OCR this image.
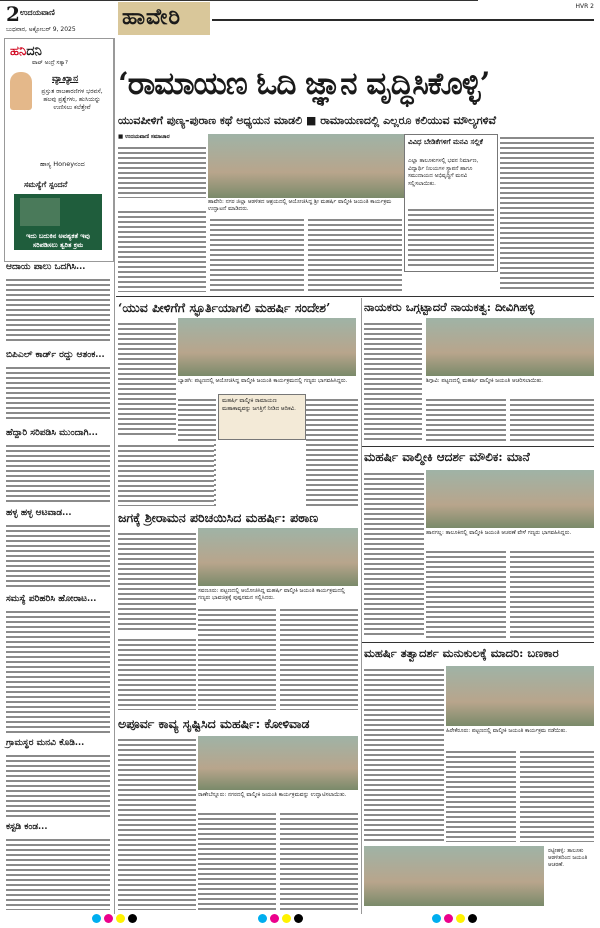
2 ಉದಯವಾಣಿ
ಬುಧವಾರ, ಅಕ್ಟೋಬರ್ 9, 2025 ಹಾವೇರಿ	HVR 2
ಹನಿದನಿ
ವಾಟ್ ಅಂದ್ರೆ ಸತ್ಯಾ?
ವ್ಯಾಖ್ಯಾನ
ಪ್ರಸ್ತುತ ರಾಜಕಾರಣಿಗಳ ಭರವಸೆ, ಹಲವು ಪ್ರಶ್ನೆಗಳು, ಹುಸಿಯನ್ನು ಉಣಿಸಲು ಕಲೆತ್ತೇವೆ
ಹಾಸ್ಯ Honeyನಂದ
ಸಮಸ್ಯೆಗೆ ಸ್ಪಂದನೆ
ಇದು ಬದುಕಿನ ಅವಶ್ಯಕತೆ ಇವು ಸರಿಪಡಿಸಲು ತ್ವರಿತ ಕ್ರಮ
ಆದಾಯ ಪಾಲು ಒದಗಿಸಿ...
ಬಿಪಿಎಲ್ ಕಾರ್ಡ್ ರದ್ದು ಆತಂಕ...
ಹೆದ್ದಾರಿ ಸರಿಪಡಿಸಿ ಮುಂದಾಗಿ...
ಹಳ್ಳ ಹಳ್ಳ ಆಟವಾಡ...
ಸಮಸ್ಯೆ ಪರಿಹರಿಸಿ ಹೋರಾಟ...
ಗ್ರಾಮಸ್ಥರ ಮನವಿ ಕೊಡಿ...
ಕಸ್ಟಡಿ ಕಂಡ...
‘ರಾಮಾಯಣ ಓದಿ ಜ್ಞಾನ ವೃದ್ಧಿಸಿಕೊಳ್ಳಿ’
ಯುವಪೀಳಿಗೆ ಪುಣ್ಯ-ಪುರಾಣ ಕಥೆ ಅಧ್ಯಯನ ಮಾಡಲಿ ■ ರಾಮಾಯಣದಲ್ಲಿ ಎಲ್ಲರೂ ಕಲಿಯುವ ಮೌಲ್ಯಗಳಿವೆ
■ ಉದಯವಾಣಿ ಸಮಾಚಾರ
ಹಾವೇರಿ: ನಗರ ಜಿಲ್ಲಾ ಆಡಳಿತದ ಆಶ್ರಯದಲ್ಲಿ ಆಯೋಜಿಸಿದ್ದ ಶ್ರೀ ಮಹರ್ಷಿ ವಾಲ್ಮೀಕಿ ಜಯಂತಿ ಕಾರ್ಯಕ್ರಮ ಉದ್ಘಾಟನೆ ಮಾಡಿದರು.
ವಿವಿಧ ಬೇಡಿಕೆಗಳಿಗೆ ಮನವಿ ಸಲ್ಲಿಕೆ
ಎಲ್ಲಾ ತಾಲೂಕುಗಳಲ್ಲಿ ಭವನ ನಿರ್ಮಾಣ, ವಿದ್ಯಾರ್ಥಿ ನಿಲಯಗಳ ಸ್ಥಾಪನೆ ಹಾಗೂ ಸಮುದಾಯದ ಅಭಿವೃದ್ಧಿಗೆ ಮನವಿ ಸಲ್ಲಿಸಲಾಯಿತು.
‘ಯುವ ಪೀಳಿಗೆಗೆ ಸ್ಫೂರ್ತಿಯಾಗಲಿ ಮಹರ್ಷಿ ಸಂದೇಶ’
ಬ್ಯಾಡಗಿ: ಪಟ್ಟಣದಲ್ಲಿ ಆಯೋಜಿಸಿದ್ದ ವಾಲ್ಮೀಕಿ ಜಯಂತಿ ಕಾರ್ಯಕ್ರಮದಲ್ಲಿ ಗಣ್ಯರು ಭಾಗವಹಿಸಿದ್ದರು.
ಮಹರ್ಷಿ ವಾಲ್ಮೀಕಿ ರಾಮಾಯಣ ಮಹಾಕಾವ್ಯವನ್ನು ಜಗತ್ತಿಗೆ ನೀಡಿದ ಆದಿಕವಿ.
ಜಗಕ್ಕೆ ಶ್ರೀರಾಮನ ಪರಿಚಯಿಸಿದ ಮಹರ್ಷಿ: ಪಠಾಣ
ಸವಣೂರು: ಪಟ್ಟಣದಲ್ಲಿ ಆಯೋಜಿಸಿದ್ದ ಮಹರ್ಷಿ ವಾಲ್ಮೀಕಿ ಜಯಂತಿ ಕಾರ್ಯಕ್ರಮದಲ್ಲಿ ಗಣ್ಯರು ಭಾವಚಿತ್ರಕ್ಕೆ ಪುಷ್ಪನಮನ ಸಲ್ಲಿಸಿದರು.
ಅಪೂರ್ವ ಕಾವ್ಯ ಸೃಷ್ಟಿಸಿದ ಮಹರ್ಷಿ: ಕೋಳಿವಾಡ
ರಾಣೇಬೆನ್ನೂರು: ನಗರದಲ್ಲಿ ವಾಲ್ಮೀಕಿ ಜಯಂತಿ ಕಾರ್ಯಕ್ರಮವನ್ನು ಉದ್ಘಾಟಿಸಲಾಯಿತು.
ನಾಯಕರು ಒಗ್ಗಟ್ಟಾದರೆ ನಾಯಕತ್ವ: ದೀವಿಗಿಹಳ್ಳಿ
ಶಿಗ್ಗಾವಿ: ಪಟ್ಟಣದಲ್ಲಿ ಮಹರ್ಷಿ ವಾಲ್ಮೀಕಿ ಜಯಂತಿ ಆಚರಿಸಲಾಯಿತು.
ಮಹರ್ಷಿ ವಾಲ್ಮೀಕಿ ಆದರ್ಶ ಮೌಲಿಕ: ಮಾನೆ
ಹಾನಗಲ್ಲ: ತಾಲೂಕಿನಲ್ಲಿ ವಾಲ್ಮೀಕಿ ಜಯಂತಿ ಆಚರಣೆ ವೇಳೆ ಗಣ್ಯರು ಭಾಗವಹಿಸಿದ್ದರು.
ಮಹರ್ಷಿ ತತ್ವಾದರ್ಶ ಮನುಕುಲಕ್ಕೆ ಮಾದರಿ: ಬಣಕಾರ
ಹಿರೇಕೆರೂರು: ಪಟ್ಟಣದಲ್ಲಿ ವಾಲ್ಮೀಕಿ ಜಯಂತಿ ಕಾರ್ಯಕ್ರಮ ನಡೆಯಿತು.
ರಟ್ಟೀಹಳ್ಳಿ: ತಾಲೂಕು ಆಡಳಿತದಿಂದ ಜಯಂತಿ ಆಚರಣೆ.
